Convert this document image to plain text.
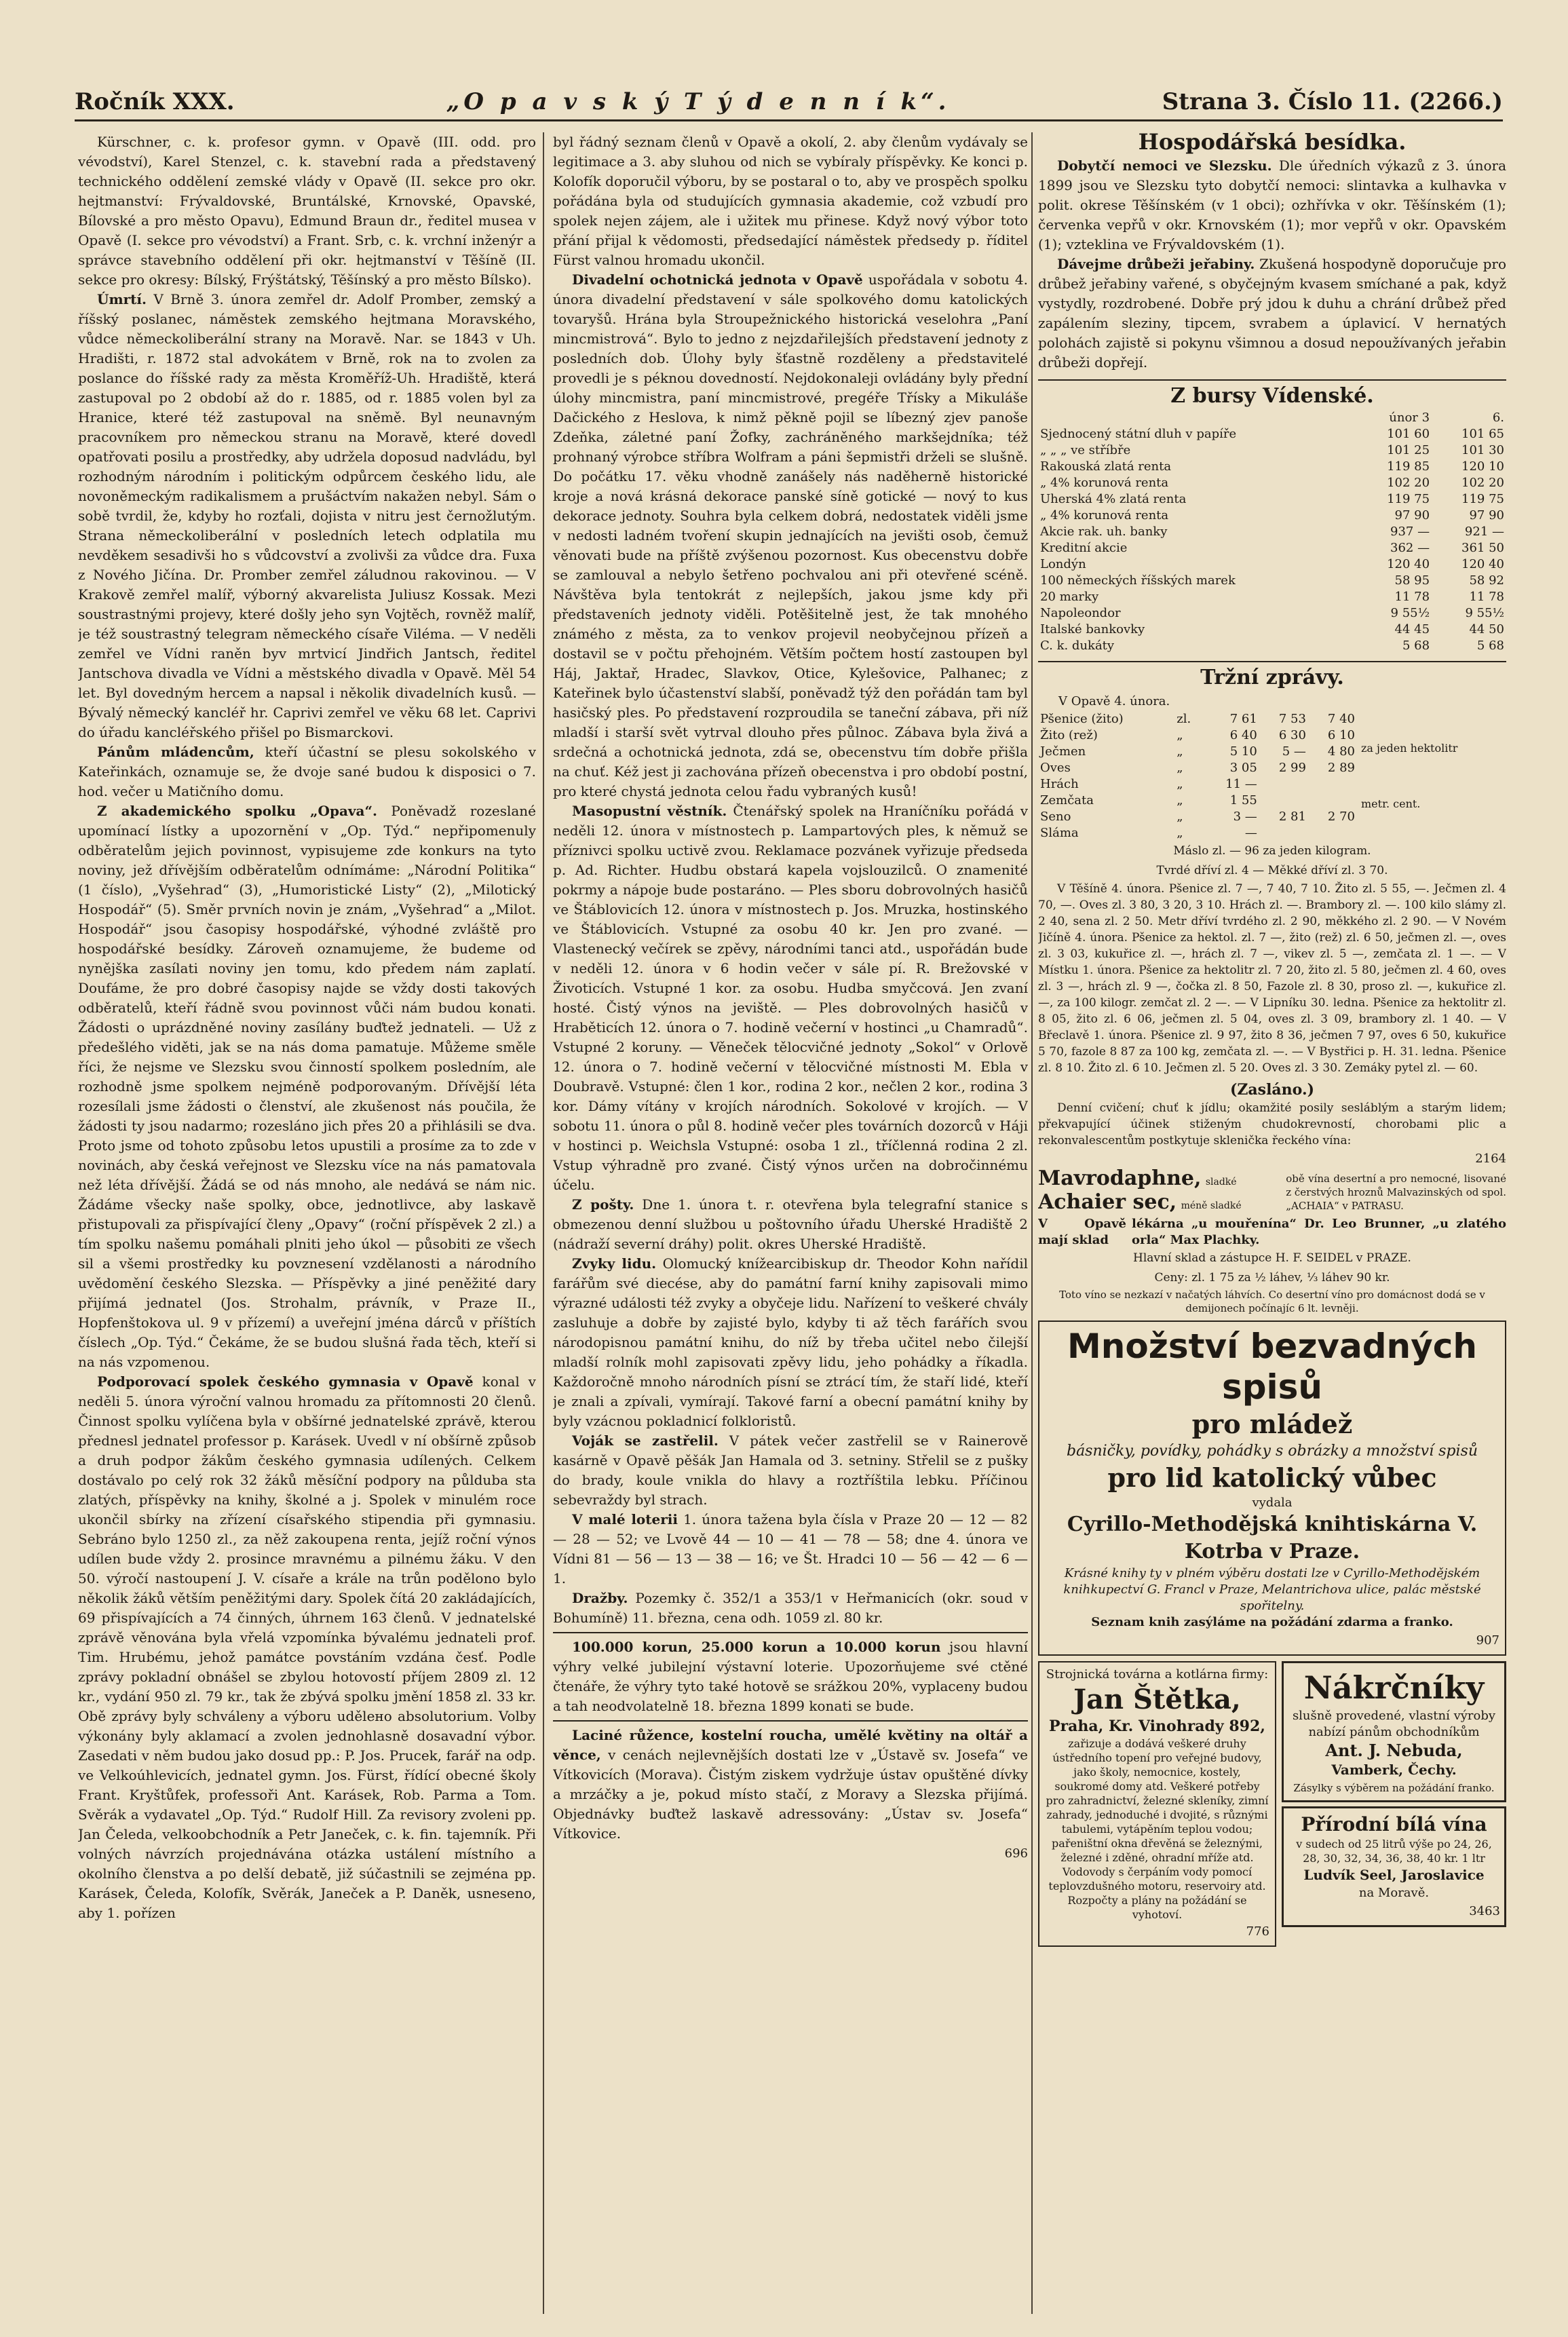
Ročník XXX.	„O p a v s k ý T ý d e n n í k“.	Strana 3. Číslo 11. (2266.)

Kürschner, c. k. profesor gymn. v Opavě (III. odd. pro vévodství), Karel Stenzel, c. k. stavební rada a představený technického oddělení zemské vlády v Opavě (II. sekce pro okr. hejtmanství: Frývaldovské, Bruntálské, Krnovské, Opavské, Bílovské a pro město Opavu), Edmund Braun dr., ředitel musea v Opavě (I. sekce pro vévodství) a Frant. Srb, c. k. vrchní inženýr a správce stavebního oddělení při okr. hejtmanství v Těšíně (II. sekce pro okresy: Bílský, Frýštátský, Těšínský a pro město Bílsko).

Úmrtí. V Brně 3. února zemřel dr. Adolf Promber, zemský a říšský poslanec, náměstek zemského hejtmana Moravského, vůdce německoliberální strany na Moravě. Nar. se 1843 v Uh. Hradišti, r. 1872 stal advokátem v Brně, rok na to zvolen za poslance do říšské rady za města Kroměříž-Uh. Hradiště, která zastupoval po 2 období až do r. 1885, od r. 1885 volen byl za Hranice, které též zastupoval na sněmě. Byl neunavným pracovníkem pro německou stranu na Moravě, které dovedl opatřovati posilu a prostředky, aby udržela doposud nadvládu, byl rozhodným národním i politickým odpůrcem českého lidu, ale novoněmeckým radikalismem a prušáctvím nakažen nebyl. Sám o sobě tvrdil, že, kdyby ho rozťali, dojista v nitru jest černožlutým. Strana německoliberální v posledních letech odplatila mu nevděkem sesadivši ho s vůdcovství a zvolivši za vůdce dra. Fuxa z Nového Jičína. Dr. Promber zemřel záludnou rakovinou. — V Krakově zemřel malíř, výborný akvarelista Juliusz Kossak. Mezi soustrastnými projevy, které došly jeho syn Vojtěch, rovněž malíř, je též soustrastný telegram německého císaře Viléma. — V neděli zemřel ve Vídni raněn byv mrtvicí Jindřich Jantsch, ředitel Jantschova divadla ve Vídni a městského divadla v Opavě. Měl 54 let. Byl dovedným hercem a napsal i několik divadelních kusů. — Bývalý německý kancléř hr. Caprivi zemřel ve věku 68 let. Caprivi do úřadu kancléřského přišel po Bismarckovi.

Pánům mládencům, kteří účastní se plesu sokolského v Kateřinkách, oznamuje se, že dvoje sané budou k disposici o 7. hod. večer u Matičního domu.

Z akademického spolku „Opava“. Poněvadž rozeslané upomínací lístky a upozornění v „Op. Týd.“ nepřipomenuly odběratelům jejich povinnost, vypisujeme zde konkurs na tyto noviny, jež dřívějším odběratelům odnímáme: „Národní Politika“ (1 číslo), „Vyšehrad“ (3), „Humoristické Listy“ (2), „Milotický Hospodář“ (5). Směr prvních novin je znám, „Vyšehrad“ a „Milot. Hospodář“ jsou časopisy hospodářské, výhodné zvláště pro hospodářské besídky. Zároveň oznamujeme, že budeme od nynějška zasílati noviny jen tomu, kdo předem nám zaplatí. Doufáme, že pro dobré časopisy najde se vždy dosti takových odběratelů, kteří řádně svou povinnost vůči nám budou konati. Žádosti o uprázdněné noviny zasílány buďtež jednateli. — Už z předešlého viděti, jak se na nás doma pamatuje. Můžeme směle říci, že nejsme ve Slezsku svou činností spolkem posledním, ale rozhodně jsme spolkem nejméně podporovaným. Dřívější léta rozesílali jsme žádosti o členství, ale zkušenost nás poučila, že žádosti ty jsou nadarmo; rozesláno jich přes 20 a přihlásili se dva. Proto jsme od tohoto způsobu letos upustili a prosíme za to zde v novinách, aby česká veřejnost ve Slezsku více na nás pamatovala než léta dřívější. Žádá se od nás mnoho, ale nedává se nám nic. Žádáme všecky naše spolky, obce, jednotlivce, aby laskavě přistupovali za přispívající členy „Opavy“ (roční příspěvek 2 zl.) a tím spolku našemu pomáhali plniti jeho úkol — působiti ze všech sil a všemi prostředky ku povznesení vzdělanosti a národního uvědomění českého Slezska. — Příspěvky a jiné peněžité dary přijímá jednatel (Jos. Strohalm, právník, v Praze II., Hopfenštokova ul. 9 v přízemí) a uveřejní jména dárců v příštích číslech „Op. Týd.“ Čekáme, že se budou slušná řada těch, kteří si na nás vzpomenou.

Podporovací spolek českého gymnasia v Opavě konal v neděli 5. února výroční valnou hromadu za přítomnosti 20 členů. Činnost spolku vylíčena byla v obšírné jednatelské zprávě, kterou přednesl jednatel professor p. Karásek. Uvedl v ní obšírně způsob a druh podpor žákům českého gymnasia udílených. Celkem dostávalo po celý rok 32 žáků měsíční podpory na půlduba sta zlatých, příspěvky na knihy, školné a j. Spolek v minulém roce ukončil sbírky na zřízení císařského stipendia při gymnasiu. Sebráno bylo 1250 zl., za něž zakoupena renta, jejíž roční výnos udílen bude vždy 2. prosince mravnému a pilnému žáku. V den 50. výročí nastoupení J. V. císaře a krále na trůn podělono bylo několik žáků větším peněžitými dary. Spolek čítá 20 zakládajících, 69 přispívajících a 74 činných, úhrnem 163 členů. V jednatelské zprávě věnována byla vřelá vzpomínka bývalému jednateli prof. Tim. Hrubému, jehož památce povstáním vzdána česť. Podle zprávy pokladní obnášel se zbylou hotovostí příjem 2809 zl. 12 kr., vydání 950 zl. 79 kr., tak že zbývá spolku jmění 1858 zl. 33 kr. Obě zprávy byly schváleny a výboru udělено absolutorium. Volby výkonány byly aklamací a zvolen jednohlasně dosavadní výbor. Zasedati v něm budou jako dosud pp.: P. Jos. Prucek, farář na odp. ve Velkoúhlevicích, jednatel gymn. Jos. Fürst, řídící obecné školy Frant. Kryštůfek, professoři Ant. Karásek, Rob. Parma a Tom. Svěrák a vydavatel „Op. Týd.“ Rudolf Hill. Za revisory zvoleni pp. Jan Čeleda, velkoobchodník a Petr Janeček, c. k. fin. tajemník. Při volných návrzích projednávána otázka ustálení místního a okolního členstva a po delší debatě, již súčastnili se zejména pp. Karásek, Čeleda, Kolofík, Svěrák, Janeček a P. Daněk, usneseno, aby 1. pořízen

byl řádný seznam členů v Opavě a okolí, 2. aby členům vydávaly se legitimace a 3. aby sluhou od nich se vybíraly příspěvky. Ke konci p. Kolofík doporučil výboru, by se postaral o to, aby ve prospěch spolku pořádána byla od studujících gymnasia akademie, což vzbudí pro spolek nejen zájem, ale i užitek mu přinese. Když nový výbor toto přání přijal k vědomosti, předsedající náměstek předsedy p. říditel Fürst valnou hromadu ukončil.

Divadelní ochotnická jednota v Opavě uspořádala v sobotu 4. února divadelní představení v sále spolkového domu katolických tovaryšů. Hrána byla Stroupežnického historická veselohra „Paní mincmistrová“. Bylo to jedno z nejzdařilejších představení jednoty z posledních dob. Úlohy byly šťastně rozděleny a představitelé provedli je s péknou dovedností. Nejdokonaleji ovládány byly přední úlohy mincmistra, paní mincmistrové, pregéře Třísky a Mikuláše Dačického z Heslova, k nimž pěkně pojil se líbezný zjev panoše Zdeňka, záletné paní Žofky, zachráněného markšejdníka; též prohnaný výrobce stříbra Wolfram a páni šepmistři drželi se slušně. Do počátku 17. věku vhodně zanášely nás naděherně historické kroje a nová krásná dekorace panské síně gotické — nový to kus dekorace jednoty. Souhra byla celkem dobrá, nedostatek viděli jsme v nedosti ladném tvoření skupin jednajících na jevišti osob, čemuž věnovati bude na příště zvýšenou pozornost. Kus obecenstvu dobře se zamlouval a nebylo šetřeno pochvalou ani při otevřené scéně. Návštěva byla tentokrát z nejlepších, jakou jsme kdy při představeních jednoty viděli. Potěšitelně jest, že tak mnohého známého z města, za to venkov projevil neobyčejnou přízeň a dostavil se v počtu přehojném. Větším počtem hostí zastoupen byl Háj, Jaktař, Hradec, Slavkov, Otice, Kylešovice, Palhanec; z Kateřinek bylo účastenství slabší, poněvadž týž den pořádán tam byl hasičský ples. Po představení rozproudila se taneční zábava, při níž mladší i starší svět vytrval dlouho přes půlnoc. Zábava byla živá a srdečná a ochotnická jednota, zdá se, obecenstvu tím dobře přišla na chuť. Kéž jest ji zachována přízeň obecenstva i pro období postní, pro které chystá jednota celou řadu vybraných kusů!

Masopustní věstník. Čtenářský spolek na Hraníčníku pořádá v neděli 12. února v místnostech p. Lampartových ples, k němuž se příznivci spolku uctivě zvou. Reklamace pozvánek vyřizuje předseda p. Ad. Richter. Hudbu obstará kapela vojslouzilců. O znamenité pokrmy a nápoje bude postaráno. — Ples sboru dobrovolných hasičů ve Štáblovicích 12. února v místnostech p. Jos. Mruzka, hostinského ve Štáblovicích. Vstupné za osobu 40 kr. Jen pro zvané. — Vlastenecký večírek se zpěvy, národními tanci atd., uspořádán bude v neděli 12. února v 6 hodin večer v sále pí. R. Brežovské v Životicích. Vstupné 1 kor. za osobu. Hudba smyčcová. Jen zvaní hosté. Čistý výnos na jeviště. — Ples dobrovolných hasičů v Hraběticích 12. února o 7. hodině večerní v hostinci „u Chamradů“. Vstupné 2 koruny. — Věneček tělocvičné jednoty „Sokol“ v Orlově 12. února o 7. hodině večerní v tělocvičné místnosti M. Ebla v Doubravě. Vstupné: člen 1 kor., rodina 2 kor., nečlen 2 kor., rodina 3 kor. Dámy vítány v krojích národních. Sokolové v krojích. — V sobotu 11. února o půl 8. hodině večer ples továrních dozorců v Háji v hostinci p. Weichsla Vstupné: osoba 1 zl., tříčlenná rodina 2 zl. Vstup výhradně pro zvané. Čistý výnos určen na dobročinnému účelu.

Z pošty. Dne 1. února t. r. otevřena byla telegrafní stanice s obmezenou denní službou u poštovního úřadu Uherské Hradiště 2 (nádraží severní dráhy) polit. okres Uherské Hradiště.

Zvyky lidu. Olomucký knížearcibiskup dr. Theodor Kohn nařídil farářům své diecése, aby do památní farní knihy zapisovali mimo výrazné události též zvyky a obyčeje lidu. Nařízení to veškeré chvály zasluhuje a dobře by zajisté bylo, kdyby ti až těch farářích svou národopisnou památní knihu, do níž by třeba učitel nebo čilejší mladší rolník mohl zapisovati zpěvy lidu, jeho pohádky a říkadla. Každoročně mnoho národních písní se ztrácí tím, že staří lidé, kteří je znali a zpívali, vymírají. Takové farní a obecní památní knihy by byly vzácnou pokladnicí folkloristů.

Voják se zastřelil. V pátek večer zastřelil se v Rainerově kasárně v Opavě pěšák Jan Hamala od 3. setniny. Střelil se z pušky do brady, koule vnikla do hlavy a roztříštila lebku. Příčinou sebevraždy byl strach.

V malé loterii 1. února tažena byla čísla v Praze 20 — 12 — 82 — 28 — 52; ve Lvově 44 — 10 — 41 — 78 — 58; dne 4. února ve Vídni 81 — 56 — 13 — 38 — 16; ve Št. Hradci 10 — 56 — 42 — 6 — 1.

Dražby. Pozemky č. 352/1 a 353/1 v Heřmanicích (okr. soud v Bohumíně) 11. března, cena odh. 1059 zl. 80 kr.

100.000 korun, 25.000 korun a 10.000 korun jsou hlavní výhry velké jubilejní výstavní loterie. Upozorňujeme své ctěné čtenáře, že výhry tyto také hotově se srážkou 20%, vyplaceny budou a tah neodvolatelně 18. března 1899 konati se bude.

Laciné růžence, kostelní roucha, umělé květiny na oltář a věnce, v cenách nejlevnějších dostati lze v „Ústavě sv. Josefa“ ve Vítkovicích (Morava). Čistým ziskem vydržuje ústav opuštěné dívky a mrzáčky a je, pokud místo stačí, z Moravy a Slezska přijímá. Objednávky buďtež laskavě adressovány: „Ústav sv. Josefa“ Vítkovice.

696
Hospodářská besídka.

Dobytčí nemoci ve Slezsku. Dle úředních výkazů z 3. února 1899 jsou ve Slezsku tyto dobytčí nemoci: slintavka a kulhavka v polit. okrese Těšínském (v 1 obci); ozhřívka v okr. Těšínském (1); červenka vepřů v okr. Krnovském (1); mor vepřů v okr. Opavském (1); vzteklina ve Frývaldovském (1).

Dávejme drůbeži jeřabiny. Zkušená hospodyně doporučuje pro drůbež jeřabiny vařené, s obyčejným kvasem smíchané a pak, když vystydly, rozdrobené. Dobře prý jdou k duhu a chrání drůbež před zapálením sleziny, tipcem, svrabem a úplavicí. V hernatých polohách zajistě si pokynu všimnou a dosud nepoužívaných jeřabin drůbeži dopřejí.

Z bursy Vídenské.
	únor 3	6.
Sjednocený státní dluh v papíře	101 60	101 65
„ „ „ ve stříbře	101 25	101 30
Rakouská zlatá renta	119 85	120 10
„ 4% korunová renta	102 20	102 20
Uherská 4% zlatá renta	119 75	119 75
„ 4% korunová renta	97 90	97 90
Akcie rak. uh. banky	937 —	921 —
Kreditní akcie	362 —	361 50
Londýn	120 40	120 40
100 německých říšských marek	58 95	58 92
20 marky	11 78	11 78
Napoleondor	9 55½	9 55½
Italské bankovky	44 45	44 50
C. k. dukáty	5 68	5 68
Tržní zprávy.
V Opavě 4. února.
Pšenice (žito)	zl.	7 61	7 53	7 40
Žito (rež)	„	6 40	6 30	6 10
Ječmen	„	5 10	5 —	4 80
Oves	„	3 05	2 99	2 89
Hrách	„	11 —		
Zemčata	„	1 55		
Seno	„	3 —	2 81	2 70
Sláma	„	—		
za jeden hektolitr
metr. cent.
Máslo zl. — 96 za jeden kilogram.
Tvrdé dříví zl. 4 — Měkké dříví zl. 3 70.

V Těšíně 4. února. Pšenice zl. 7 —, 7 40, 7 10. Žito zl. 5 55, —. Ječmen zl. 4 70, —. Oves zl. 3 80, 3 20, 3 10. Hrách zl. —. Brambory zl. —. 100 kilo slámy zl. 2 40, sena zl. 2 50. Metr dříví tvrdého zl. 2 90, měkkého zl. 2 90. — V Novém Jičíně 4. února. Pšenice za hektol. zl. 7 —, žito (rež) zl. 6 50, ječmen zl. —, oves zl. 3 03, kukuřice zl. —, hrách zl. 7 —, vikev zl. 5 —, zemčata zl. 1 —. — V Místku 1. února. Pšenice za hektolitr zl. 7 20, žito zl. 5 80, ječmen zl. 4 60, oves zl. 3 —, hrách zl. 9 —, čočka zl. 8 50, Fazole zl. 8 30, proso zl. —, kukuřice zl. —, za 100 kilogr. zemčat zl. 2 —. — V Lipníku 30. ledna. Pšenice za hektolitr zl. 8 05, žito zl. 6 06, ječmen zl. 5 04, oves zl. 3 09, brambory zl. 1 40. — V Břeclavě 1. února. Pšenice zl. 9 97, žito 8 36, ječmen 7 97, oves 6 50, kukuřice 5 70, fazole 8 87 za 100 kg, zemčata zl. —. — V Bystřici p. H. 31. ledna. Pšenice zl. 8 10. Žito zl. 6 10. Ječmen zl. 5 20. Oves zl. 3 30. Zemáky pytel zl. — 60.

(Zasláno.)

Denní cvičení; chuť k jídlu; okamžité posily sesláblým a starým lidem; překvapující účinek stiženým chudokrevností, chorobami plic a rekonvalescentům postkytuje sklenička řeckého vína:

2164
Mavrodaphne, sladké
Achaier sec, méně sladké
obě vína desertní a pro nemocné, lisované z čerstvých hroznů Malvazinských od spol. „ACHAIA“ v PATRASU.
V Opavě mají sklad
lékárna „u mouřenína“ Dr. Leo Brunner, „u zlatého orla“ Max Plachky.
Hlavní sklad a zástupce H. F. SEIDEL v PRAZE.
Ceny: zl. 1 75 za ½ láhev, ⅓ láhev 90 kr.
Toto víno se nezkazí v načatých láhvích. Co desertní víno pro domácnost dodá se v demijonech počínajíc 6 lt. levněji.
Množství bezvadných spisů
pro mládež
básničky, povídky, pohádky s obrázky a množství spisů
pro lid katolický vůbec
vydala
Cyrillo-Methodějská knihtiskárna V. Kotrba v Praze.
Krásné knihy ty v plném výběru dostati lze v Cyrillo-Methodějském knihkupectví G. Francl v Praze, Melantrichova ulice, palác městské spořitelny.
Seznam knih zasýláme na požádání zdarma a franko.
907
Strojnická továrna a kotlárna firmy:
Jan Štětka,
Praha, Kr. Vinohrady 892,
zařizuje a dodává veškeré druhy ústředního topení pro veřejné budovy, jako školy, nemocnice, kostely, soukromé domy atd. Veškeré potřeby pro zahradnictví, železné skleníky, zimní zahrady, jednoduché i dvojité, s různými tabulemi, vytápěním teplou vodou; pařeništní okna dřevěná se železnými, železné i zděné, ohradní mříže atd. Vodovody s čerpáním vody pomocí teplovzdušného motoru, reservoiry atd. Rozpočty a plány na požádání se vyhotoví.
776
Nákrčníky
slušně provedené, vlastní výroby nabízí pánům obchodníkům
Ant. J. Nebuda,
Vamberk, Čechy.
Zásylky s výběrem na požádání franko.
Přírodní bílá vína
v sudech od 25 litrů výše po 24, 26, 28, 30, 32, 34, 36, 38, 40 kr. 1 ltr
Ludvík Seel, Jaroslavice
na Moravě.
3463
